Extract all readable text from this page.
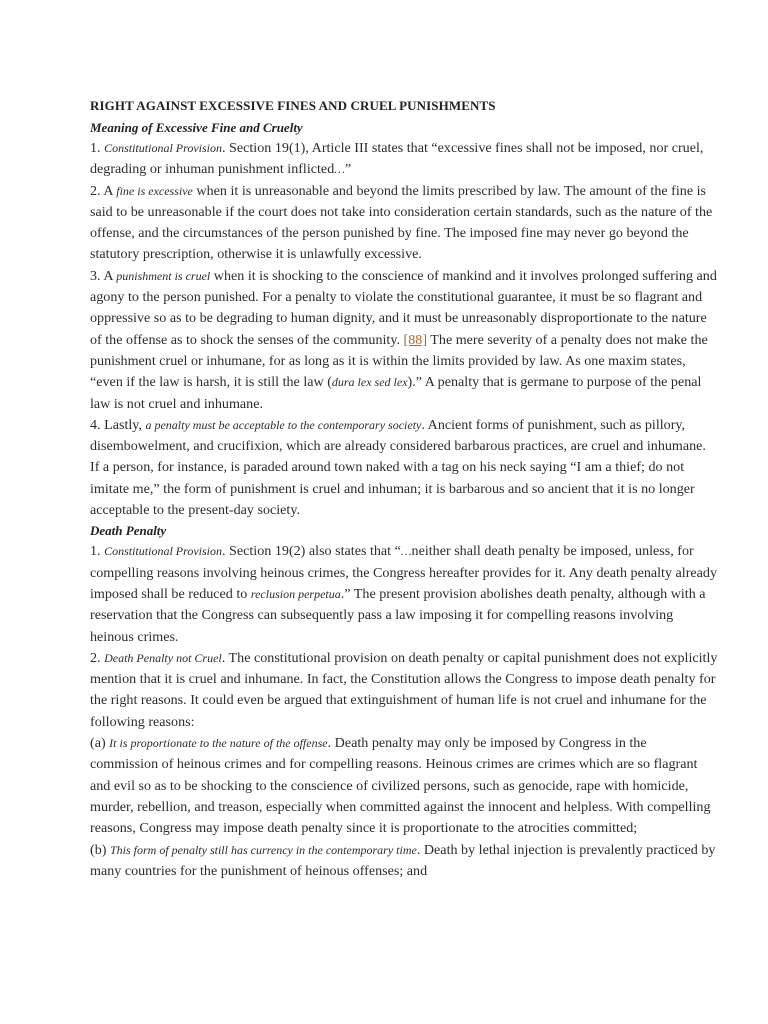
RIGHT AGAINST EXCESSIVE FINES AND CRUEL PUNISHMENTS
Meaning of Excessive Fine and Cruelty

1. Constitutional Provision. Section 19(1), Article III states that “excessive fines shall not be imposed, nor cruel, degrading or inhuman punishment inflicted…”

2. A fine is excessive when it is unreasonable and beyond the limits prescribed by law. The amount of the fine is said to be unreasonable if the court does not take into consideration certain standards, such as the nature of the offense, and the circumstances of the person punished by fine. The imposed fine may never go beyond the statutory prescription, otherwise it is unlawfully excessive.

3. A punishment is cruel when it is shocking to the conscience of mankind and it involves prolonged suffering and agony to the person punished. For a penalty to violate the constitutional guarantee, it must be so flagrant and oppressive so as to be degrading to human dignity, and it must be unreasonably disproportionate to the nature of the offense as to shock the senses of the community. [88] The mere severity of a penalty does not make the punishment cruel or inhumane, for as long as it is within the limits provided by law. As one maxim states, “even if the law is harsh, it is still the law (dura lex sed lex).” A penalty that is germane to purpose of the penal law is not cruel and inhumane.

4. Lastly, a penalty must be acceptable to the contemporary society. Ancient forms of punishment, such as pillory, disembowelment, and crucifixion, which are already considered barbarous practices, are cruel and inhumane. If a person, for instance, is paraded around town naked with a tag on his neck saying “I am a thief; do not imitate me,” the form of punishment is cruel and inhuman; it is barbarous and so ancient that it is no longer acceptable to the present-day society.

Death Penalty

1. Constitutional Provision. Section 19(2) also states that “…neither shall death penalty be imposed, unless, for compelling reasons involving heinous crimes, the Congress hereafter provides for it. Any death penalty already imposed shall be reduced to reclusion perpetua.” The present provision abolishes death penalty, although with a reservation that the Congress can subsequently pass a law imposing it for compelling reasons involving heinous crimes.

2. Death Penalty not Cruel. The constitutional provision on death penalty or capital punishment does not explicitly mention that it is cruel and inhumane. In fact, the Constitution allows the Congress to impose death penalty for the right reasons. It could even be argued that extinguishment of human life is not cruel and inhumane for the following reasons:

(a) It is proportionate to the nature of the offense. Death penalty may only be imposed by Congress in the commission of heinous crimes and for compelling reasons. Heinous crimes are crimes which are so flagrant and evil so as to be shocking to the conscience of civilized persons, such as genocide, rape with homicide, murder, rebellion, and treason, especially when committed against the innocent and helpless. With compelling reasons, Congress may impose death penalty since it is proportionate to the atrocities committed;

(b) This form of penalty still has currency in the contemporary time. Death by lethal injection is prevalently practiced by many countries for the punishment of heinous offenses; and
